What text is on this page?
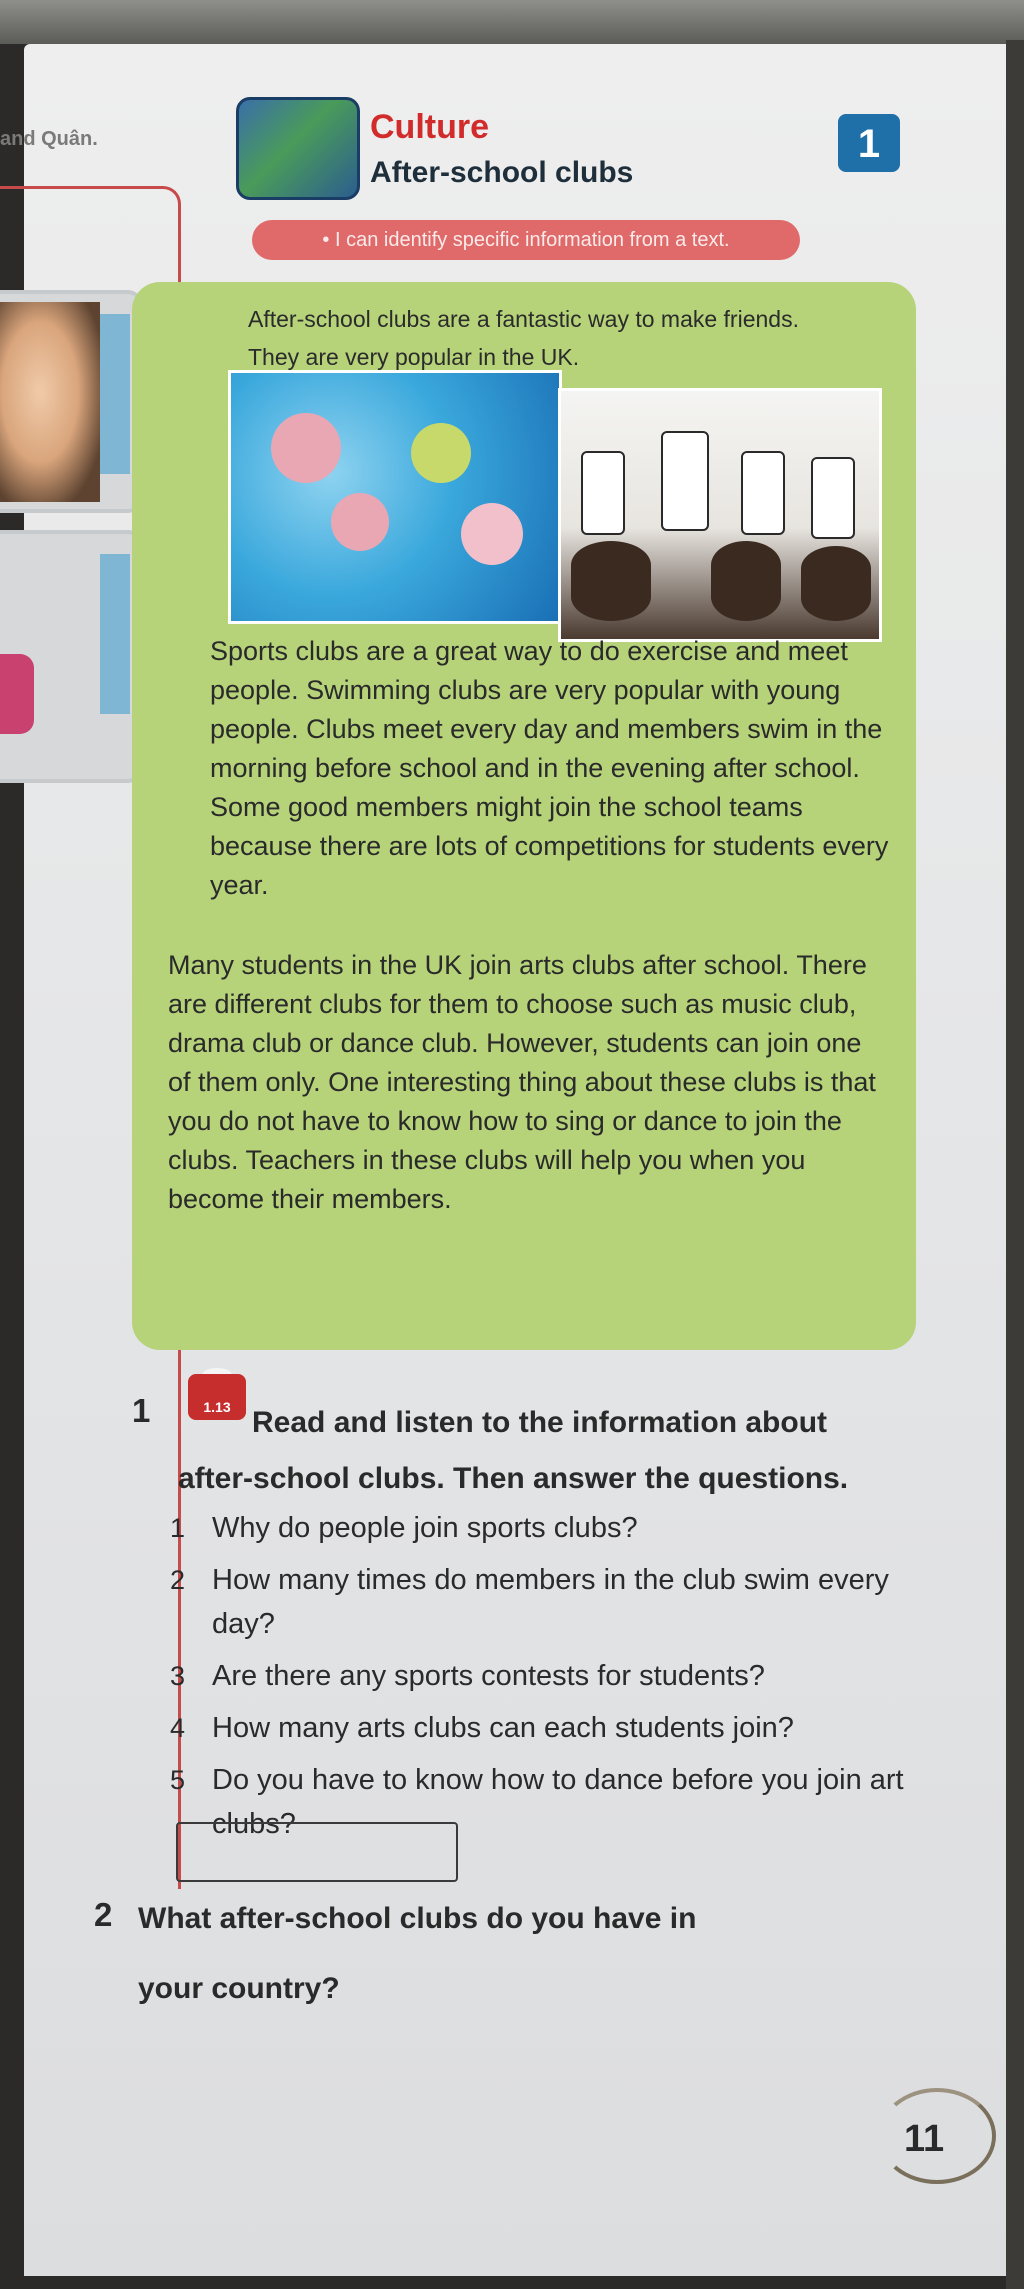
and Quân.	Culture
After-school clubs
1
• I can identify specific information from a text.
After-school clubs are a fantastic way to make friends. They are very popular in the UK.
Sports clubs are a great way to do exercise and meet people. Swimming clubs are very popular with young people. Clubs meet every day and members swim in the morning before school and in the evening after school. Some good members might join the school teams because there are lots of competitions for students every year.
Many students in the UK join arts clubs after school. There are different clubs for them to choose such as music club, drama club or dance club. However, students can join one of them only. One interesting thing about these clubs is that you do not have to know how to sing or dance to join the clubs. Teachers in these clubs will help you when you become their members.
1	1.13 Read and listen to the information about
after-school clubs. Then answer the questions.
1 Why do people join sports clubs?
2 How many times do members in the club swim every day?
3 Are there any sports contests for students?
4 How many arts clubs can each students join?
5 Do you have to know how to dance before you join art clubs?
2 What after-school clubs do you have in
your country?
11
